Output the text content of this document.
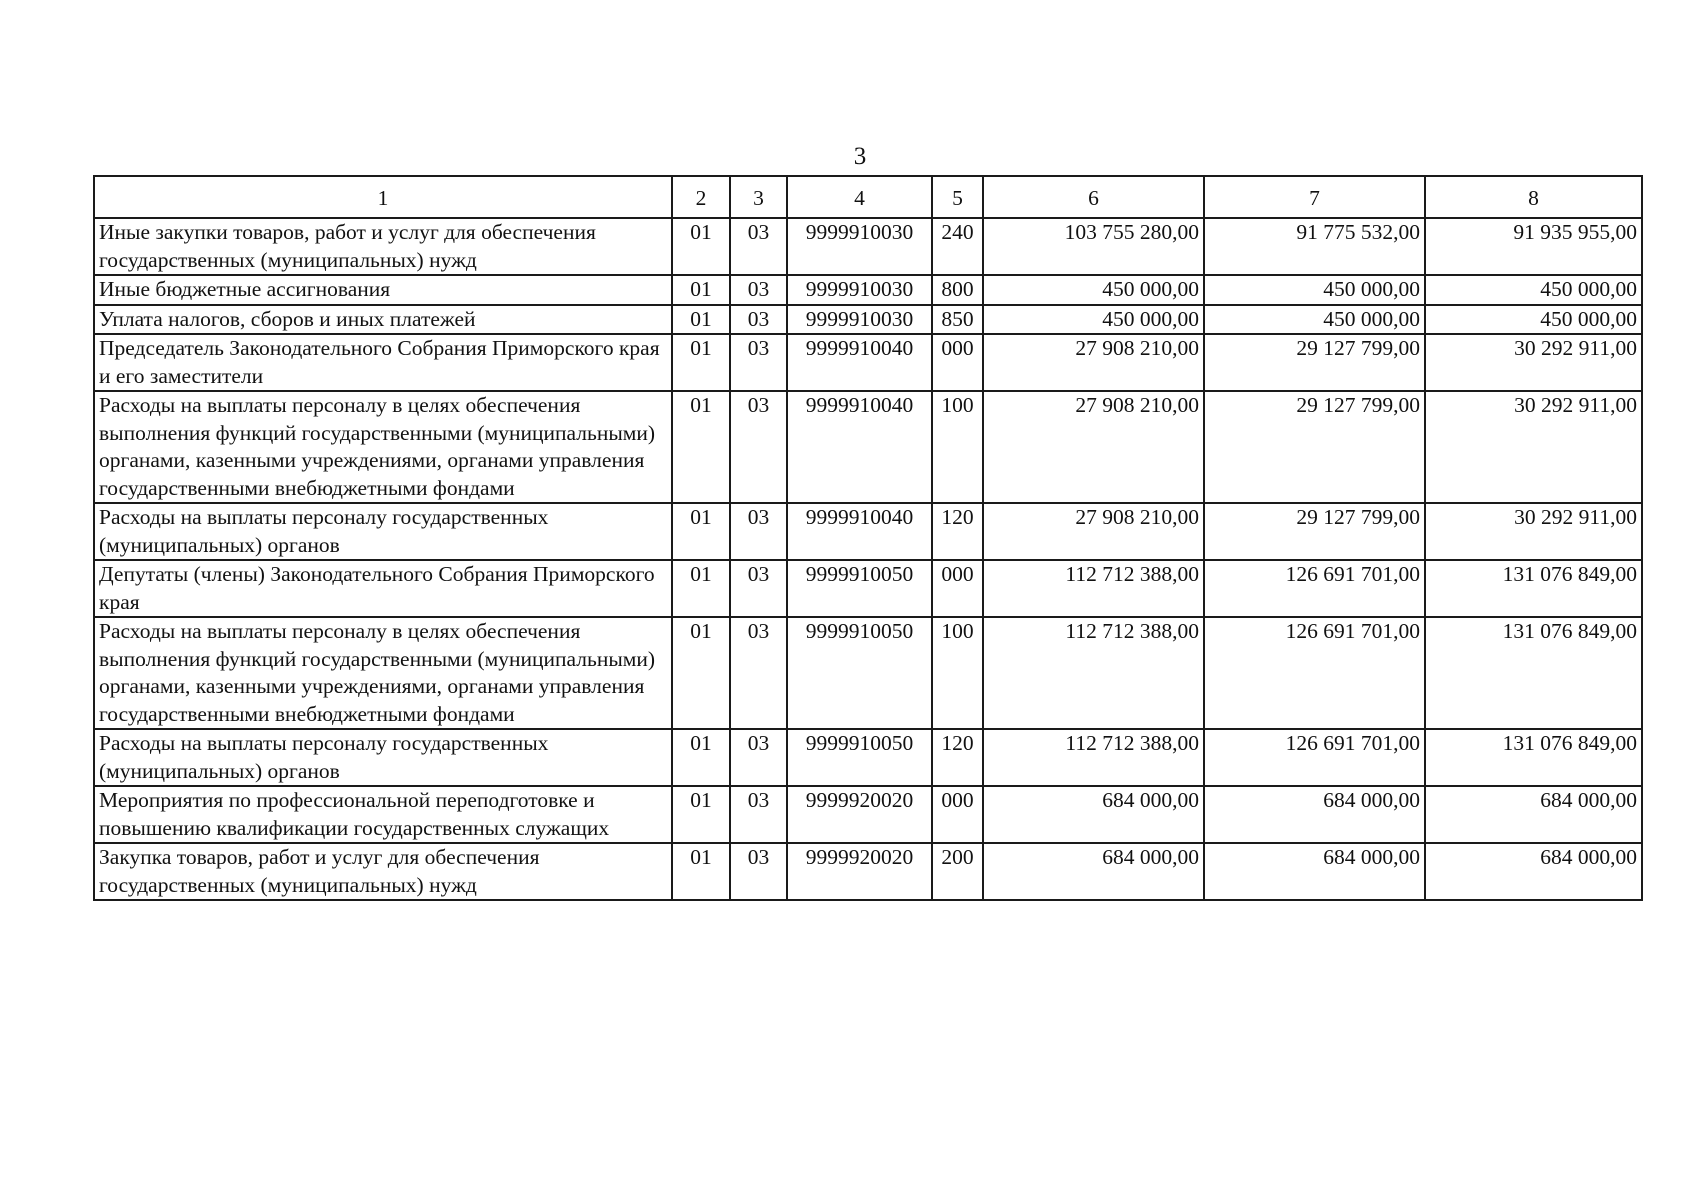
3
1	2	3	4	5	6	7	8
Иные закупки товаров, работ и услуг для обеспечения государственных (муниципальных) нужд	01	03	9999910030	240	103 755 280,00	91 775 532,00	91 935 955,00
Иные бюджетные ассигнования	01	03	9999910030	800	450 000,00	450 000,00	450 000,00
Уплата налогов, сборов и иных платежей	01	03	9999910030	850	450 000,00	450 000,00	450 000,00
Председатель Законодательного Собрания Приморского края и его заместители	01	03	9999910040	000	27 908 210,00	29 127 799,00	30 292 911,00
Расходы на выплаты персоналу в целях обеспечения выполнения функций государственными (муниципальными) органами, казенными учреждениями, органами управления государственными внебюджетными фондами	01	03	9999910040	100	27 908 210,00	29 127 799,00	30 292 911,00
Расходы на выплаты персоналу государственных (муниципальных) органов	01	03	9999910040	120	27 908 210,00	29 127 799,00	30 292 911,00
Депутаты (члены) Законодательного Собрания Приморского края	01	03	9999910050	000	112 712 388,00	126 691 701,00	131 076 849,00
Расходы на выплаты персоналу в целях обеспечения выполнения функций государственными (муниципальными) органами, казенными учреждениями, органами управления государственными внебюджетными фондами	01	03	9999910050	100	112 712 388,00	126 691 701,00	131 076 849,00
Расходы на выплаты персоналу государственных (муниципальных) органов	01	03	9999910050	120	112 712 388,00	126 691 701,00	131 076 849,00
Мероприятия по профессиональной переподготовке и повышению квалификации государственных служащих	01	03	9999920020	000	684 000,00	684 000,00	684 000,00
Закупка товаров, работ и услуг для обеспечения государственных (муниципальных) нужд	01	03	9999920020	200	684 000,00	684 000,00	684 000,00
